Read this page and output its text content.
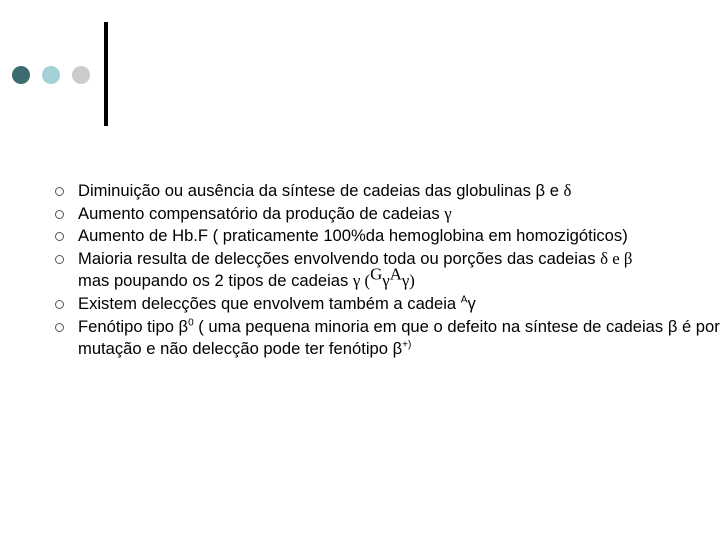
Diminuição ou ausência da síntese de cadeias das globulinas β e δ
Aumento compensatório da produção de cadeias γ
Aumento de Hb.F ( praticamente 100%da hemoglobina em homozigóticos)
Maioria resulta de delecções envolvendo toda ou porções das cadeias δ e β
mas poupando os 2 tipos de cadeias γ $(^G\gamma^A\gamma)$
Existem delecções que envolvem também a cadeia $^A$γ
Fenótipo tipo $\beta^0$ ( uma pequena minoria em que o defeito na síntese de cadeias β é por mutação e não delecção pode ter fenótipo β+)
